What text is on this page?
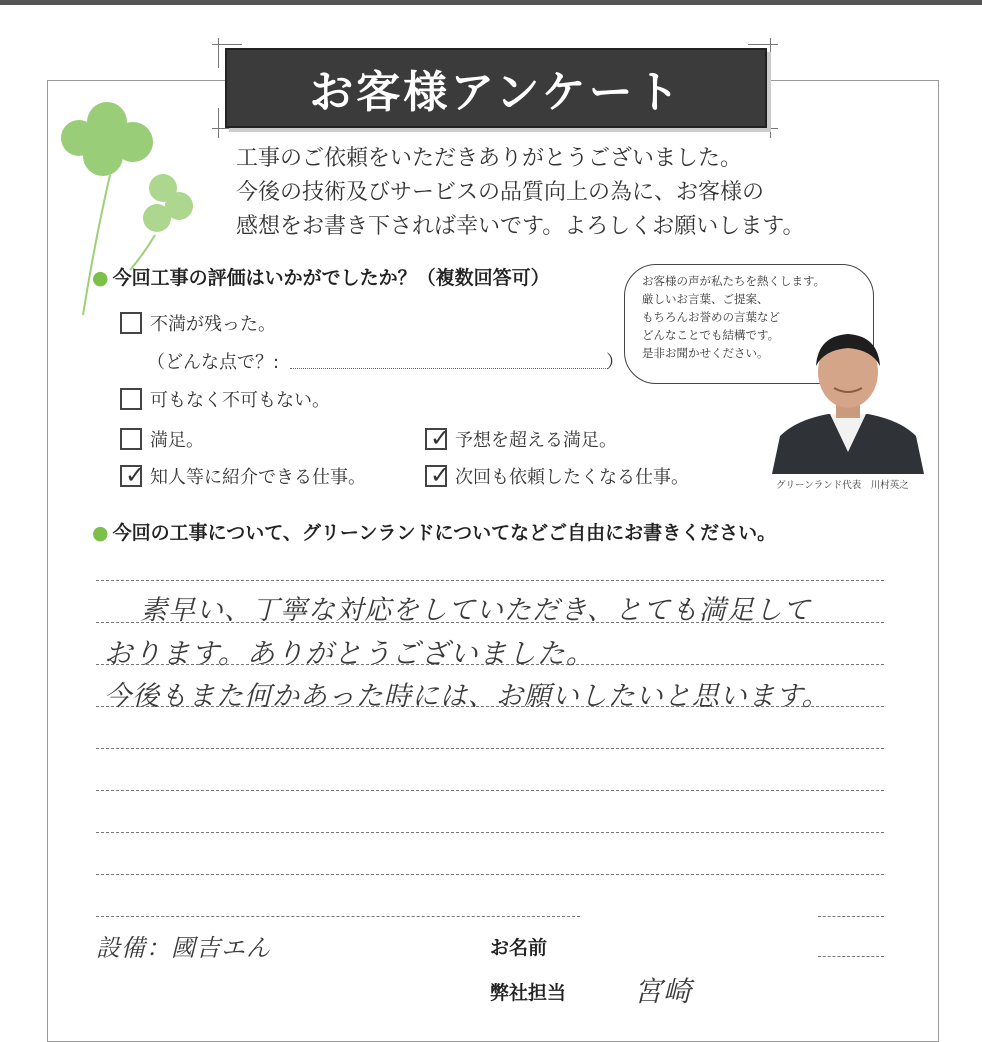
お客様アンケート
工事のご依頼をいただきありがとうございました。
今後の技術及びサービスの品質向上の為に、お客様の
感想をお書き下されば幸いです。よろしくお願いします。
● 今回工事の評価はいかがでしたか？（複数回答可）
不満が残った。
（どんな点で？:	）
可もなく不可もない。
満足。	✓ 予想を超える満足。
✓ 知人等に紹介できる仕事。	✓ 次回も依頼したくなる仕事。
お客様の声が私たちを熱くします。
厳しいお言葉、ご提案、
もちろんお誉めの言葉など
どんなことでも結構です。
是非お聞かせください。
グリーンランド代表　川村英之
● 今回の工事について、グリーンランドについてなどご自由にお書きください。
素早い、丁寧な対応をしていただき、とても満足して
おります。ありがとうございました。
今後もまた何かあった時には、お願いしたいと思います。
設備：國吉エん	お名前
弊社担当 宮崎
